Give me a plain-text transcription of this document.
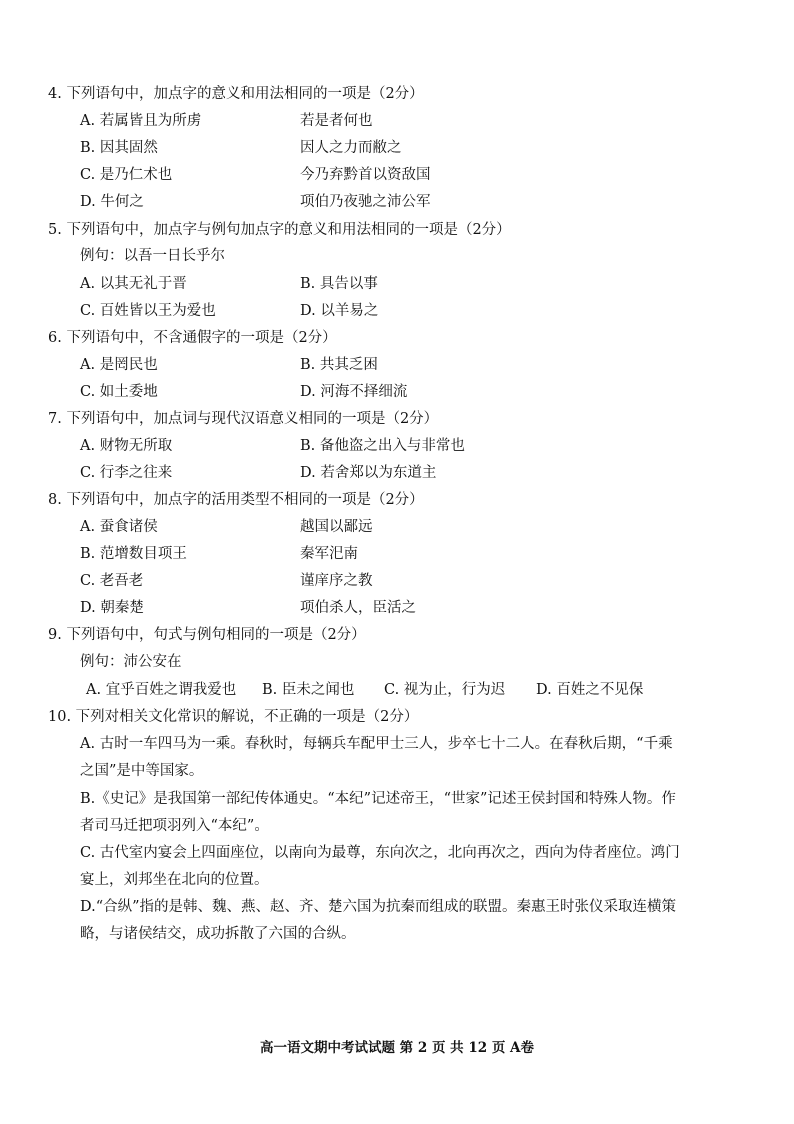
4. 下列语句中，加点字的意义和用法相同的一项是（2分）
A. 若属皆且为所虏	若是者何也
B. 因其固然	因人之力而敝之
C. 是乃仁术也	今乃弃黔首以资敌国
D. 牛何之	项伯乃夜驰之沛公军
5. 下列语句中，加点字与例句加点字的意义和用法相同的一项是（2分）
例句：以吾一日长乎尔
A. 以其无礼于晋	B. 具告以事
C. 百姓皆以王为爱也	D. 以羊易之
6. 下列语句中，不含通假字的一项是（2分）
A. 是罔民也	B. 共其乏困
C. 如土委地	D. 河海不择细流
7. 下列语句中，加点词与现代汉语意义相同的一项是（2分）
A. 财物无所取	B. 备他盗之出入与非常也
C. 行李之往来	D. 若舍郑以为东道主
8. 下列语句中，加点字的活用类型不相同的一项是（2分）
A. 蚕食诸侯	越国以鄙远
B. 范增数目项王	秦军汜南
C. 老吾老	谨庠序之教
D. 朝秦楚	项伯杀人，臣活之
9. 下列语句中，句式与例句相同的一项是（2分）
例句：沛公安在
A. 宜乎百姓之谓我爱也 B. 臣未之闻也 C. 视为止，行为迟 D. 百姓之不见保
10. 下列对相关文化常识的解说，不正确的一项是（2分）
A. 古时一车四马为一乘。春秋时，每辆兵车配甲士三人，步卒七十二人。在春秋后期，“千乘之国”是中等国家。
B.《史记》是我国第一部纪传体通史。“本纪”记述帝王，“世家”记述王侯封国和特殊人物。作者司马迁把项羽列入“本纪”。
C. 古代室内宴会上四面座位，以南向为最尊，东向次之，北向再次之，西向为侍者座位。鸿门宴上，刘邦坐在北向的位置。
D.“合纵”指的是韩、魏、燕、赵、齐、楚六国为抗秦而组成的联盟。秦惠王时张仪采取连横策略，与诸侯结交，成功拆散了六国的合纵。
高一语文期中考试试题 第 2 页 共 12 页 A卷
